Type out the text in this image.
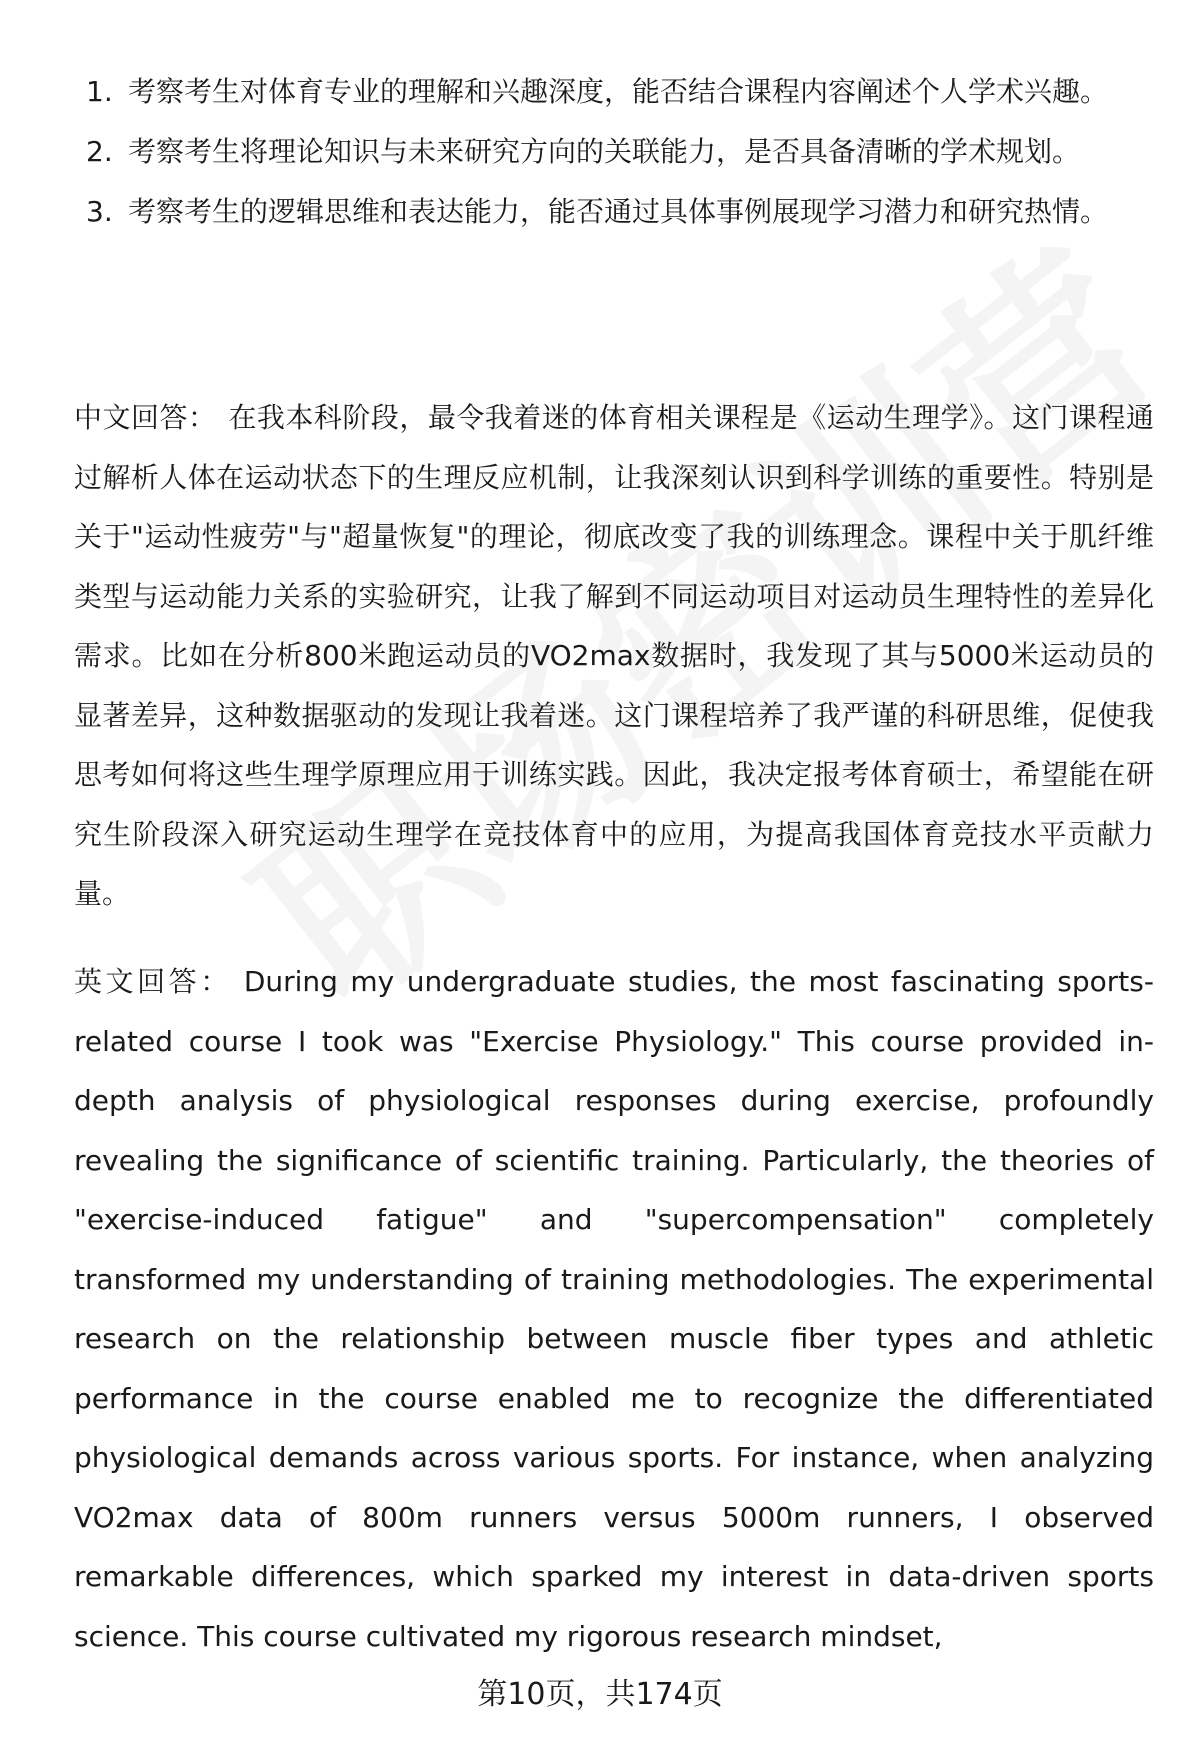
1. 考察考生对体育专业的理解和兴趣深度，能否结合课程内容阐述个人学术兴趣。
2. 考察考生将理论知识与未来研究方向的关联能力，是否具备清晰的学术规划。
3. 考察考生的逻辑思维和表达能力，能否通过具体事例展现学习潜力和研究热情。

中文回答： 在我本科阶段，最令我着迷的体育相关课程是《运动生理学》。这门课程通过解析人体在运动状态下的生理反应机制，让我深刻认识到科学训练的重要性。特别是关于"运动性疲劳"与"超量恢复"的理论，彻底改变了我的训练理念。课程中关于肌纤维类型与运动能力关系的实验研究，让我了解到不同运动项目对运动员生理特性的差异化需求。比如在分析800米跑运动员的VO2max数据时，我发现了其与5000米运动员的显著差异，这种数据驱动的发现让我着迷。这门课程培养了我严谨的科研思维，促使我思考如何将这些生理学原理应用于训练实践。因此，我决定报考体育硕士，希望能在研究生阶段深入研究运动生理学在竞技体育中的应用，为提高我国体育竞技水平贡献力量。

英文回答： During my undergraduate studies, the most fascinating sports-related course I took was "Exercise Physiology." This course provided in-depth analysis of physiological responses during exercise, profoundly revealing the significance of scientific training. Particularly, the theories of "exercise-induced fatigue" and "supercompensation" completely transformed my understanding of training methodologies. The experimental research on the relationship between muscle fiber types and athletic performance in the course enabled me to recognize the differentiated physiological demands across various sports. For instance, when analyzing VO2max data of 800m runners versus 5000m runners, I observed remarkable differences, which sparked my interest in data-driven sports science. This course cultivated my rigorous research mindset,

第10页，共174页
